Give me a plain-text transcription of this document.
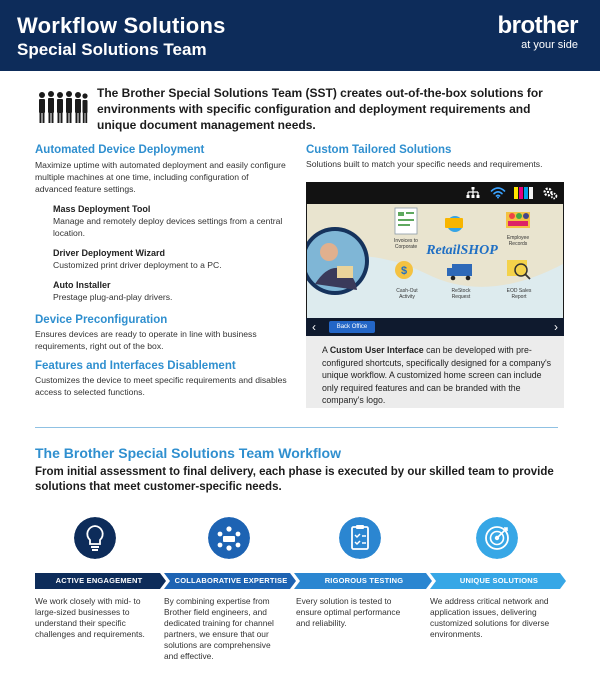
Workflow Solutions
Special Solutions Team
brother
at your side
The Brother Special Solutions Team (SST) creates out-of-the-box solutions for environments with specific configuration and deployment requirements and unique document management needs.
Automated Device Deployment
Maximize uptime with automated deployment and easily configure multiple machines at one time, including configuration of advanced feature settings.
Mass Deployment Tool
Manage and remotely deploy devices settings from a central location.
Driver Deployment Wizard
Customized print driver deployment to a PC.
Auto Installer
Prestage plug-and-play drivers.
Device Preconfiguration
Ensures devices are ready to operate in line with business requirements, right out of the box.
Features and Interfaces Disablement
Customizes the device to meet specific requirements and disables access to selected functions.
Custom Tailored Solutions
Solutions built to match your specific needs and requirements.
Invoices to
Corporate RetailSHOP
Employee
Records
$
Cash-Out
Activity
ReStock
Request
EOD Sales
Report
‹	Back Office	›
A Custom User Interface can be developed with pre-configured shortcuts, specifically designed for a company's unique workflow. A customized home screen can include only required features and can be branded with the company's logo.
The Brother Special Solutions Team Workflow
From initial assessment to final delivery, each phase is executed by our skilled team to provide solutions that meet customer-specific needs.
ACTIVE ENGAGEMENT	COLLABORATIVE EXPERTISE	RIGOROUS TESTING	UNIQUE SOLUTIONS
We work closely with mid- to large-sized businesses to understand their specific challenges and requirements.
By combining expertise from Brother field engineers, and dedicated training for channel partners, we ensure that our solutions are comprehensive and effective.
Every solution is tested to ensure optimal performance and reliability.
We address critical network and application issues, delivering customized solutions for diverse environments.
